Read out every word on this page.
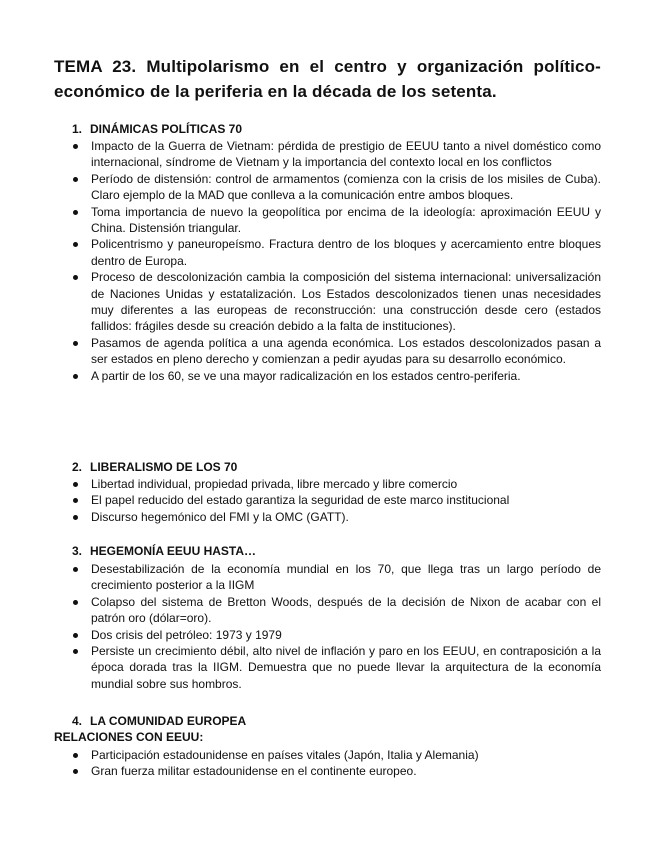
TEMA 23. Multipolarismo en el centro y organización político-económico de la periferia en la década de los setenta.
1. DINÁMICAS POLÍTICAS 70
Impacto de la Guerra de Vietnam: pérdida de prestigio de EEUU tanto a nivel doméstico como internacional, síndrome de Vietnam y la importancia del contexto local en los conflictos
Período de distensión: control de armamentos (comienza con la crisis de los misiles de Cuba). Claro ejemplo de la MAD que conlleva a la comunicación entre ambos bloques.
Toma importancia de nuevo la geopolítica por encima de la ideología: aproximación EEUU y China. Distensión triangular.
Policentrismo y paneuropeísmo. Fractura dentro de los bloques y acercamiento entre bloques dentro de Europa.
Proceso de descolonización cambia la composición del sistema internacional: universalización de Naciones Unidas y estatalización. Los Estados descolonizados tienen unas necesidades muy diferentes a las europeas de reconstrucción: una construcción desde cero (estados fallidos: frágiles desde su creación debido a la falta de instituciones).
Pasamos de agenda política a una agenda económica. Los estados descolonizados pasan a ser estados en pleno derecho y comienzan a pedir ayudas para su desarrollo económico.
A partir de los 60, se ve una mayor radicalización en los estados centro-periferia.
2. LIBERALISMO DE LOS 70
Libertad individual, propiedad privada, libre mercado y libre comercio
El papel reducido del estado garantiza la seguridad de este marco institucional
Discurso hegemónico del FMI y la OMC (GATT).
3. HEGEMONÍA EEUU HASTA…
Desestabilización de la economía mundial en los 70, que llega tras un largo período de crecimiento posterior a la IIGM
Colapso del sistema de Bretton Woods, después de la decisión de Nixon de acabar con el patrón oro (dólar=oro).
Dos crisis del petróleo: 1973 y 1979
Persiste un crecimiento débil, alto nivel de inflación y paro en los EEUU, en contraposición a la época dorada tras la IIGM. Demuestra que no puede llevar la arquitectura de la economía mundial sobre sus hombros.
4. LA COMUNIDAD EUROPEA
RELACIONES CON EEUU:
Participación estadounidense en países vitales (Japón, Italia y Alemania)
Gran fuerza militar estadounidense en el continente europeo.
